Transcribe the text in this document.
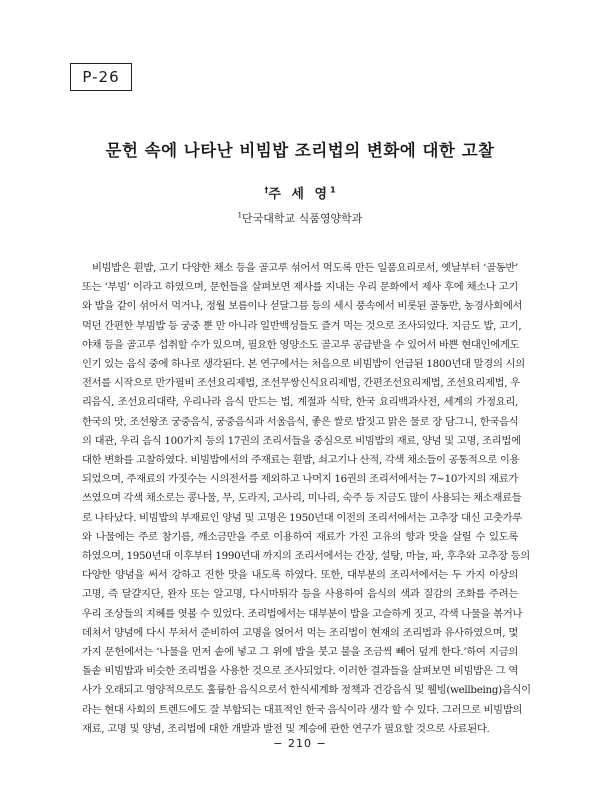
P-26
문헌 속에 나타난 비빔밥 조리법의 변화에 대한 고찰
†주 세 영$^1$
$^1$단국대학교 식품영양학과
비빔밥은 흰밥, 고기 다양한 채소 등을 골고루 섞어서 먹도록 만든 일품요리로서, 옛날부터 ‘골동반’
또는 ‘부빔’ 이라고 하였으며, 문헌들을 살펴보면 제사를 지내는 우리 문화에서 제사 후에 채소나 고기
와 밥을 같이 섞어서 먹거나, 정월 보름이나 섣달그믐 등의 세시 풍속에서 비롯된 골동반, 농경사회에서
먹던 간편한 부빔밥 등 궁중 뿐 만 아니라 일반백성들도 즐겨 먹는 것으로 조사되었다. 지금도 밥, 고기,
야채 등을 골고루 섭취할 수가 있으며, 필요한 영양소도 골고루 공급받을 수 있어서 바쁜 현대인에게도
인기 있는 음식 중에 하나로 생각된다. 본 연구에서는 처음으로 비빔밥이 언급된 1800년대 말경의 시의
전서를 시작으로 만가필비 조선요리제법, 조선무쌍신식요리제법, 간편조선요리제법, 조선요리제법, 우
리음식, 조선요리대략, 우리나라 음식 만드는 법, 계절과 식탁, 한국 요리백과사전, 세계의 가정요리,
한국의 맛, 조선왕조 궁중음식, 궁중음식과 서울음식, 좋은 쌀로 밥짓고 맑은 물로 장 담그니, 한국음식
의 대관, 우리 음식 100가지 등의 17권의 조리서들을 중심으로 비빔밥의 재료, 양념 및 고명, 조리법에
대한 변화를 고찰하였다. 비빔밥에서의 주재료는 흰밥, 쇠고기나 산적, 각색 채소들이 공통적으로 이용
되었으며, 주재료의 가짓수는 시의전서를 제외하고 나머지 16권의 조리서에서는 7~10가지의 재료가
쓰였으며 각색 채소로는 콩나물, 무, 도라지, 고사리, 미나리, 숙주 등 지금도 많이 사용되는 채소재료들
로 나타났다. 비빔밥의 부재료인 양념 및 고명은 1950년대 이전의 조리서에서는 고추장 대신 고춧가루
와 나물에는 주로 참기름, 깨소금만을 주로 이용하여 재료가 가진 고유의 향과 맛을 살릴 수 있도록
하였으며, 1950년대 이후부터 1990년대 까지의 조리서에서는 간장, 설탕, 마늘, 파, 후추와 고추장 등의
다양한 양념을 써서 강하고 진한 맛을 내도록 하였다. 또한, 대부분의 조리서에서는 두 가지 이상의
고명, 즉 달걀지단, 완자 또는 알고명, 다시마튀각 등을 사용하여 음식의 색과 질감의 조화를 주려는
우리 조상들의 지혜를 엿볼 수 있었다. 조리법에서는 대부분이 밥을 고슬하게 짓고, 각색 나물을 볶거나
데쳐서 양념에 다시 무쳐서 준비하여 고명을 얹어서 먹는 조리법이 현재의 조리법과 유사하였으며, 몇
가지 문헌에서는 ‘나물을 먼저 솥에 넣고 그 위에 밥을 붓고 불을 조금씩 빼어 덮게 한다.’하여 지금의
돌솥 비빔밥과 비슷한 조리법을 사용한 것으로 조사되었다. 이러한 결과들을 살펴보면 비빔밥은 그 역
사가 오래되고 영양적으로도 훌륭한 음식으로서 한식세계화 정책과 건강음식 및 웰빙(wellbeing)음식이
라는 현대 사회의 트렌드에도 잘 부합되는 대표적인 한국 음식이라 생각 할 수 있다. 그러므로 비빔밥의
재료, 고명 및 양념, 조리법에 대한 개발과 발전 및 계승에 관한 연구가 필요할 것으로 사료된다.
− 210 −
